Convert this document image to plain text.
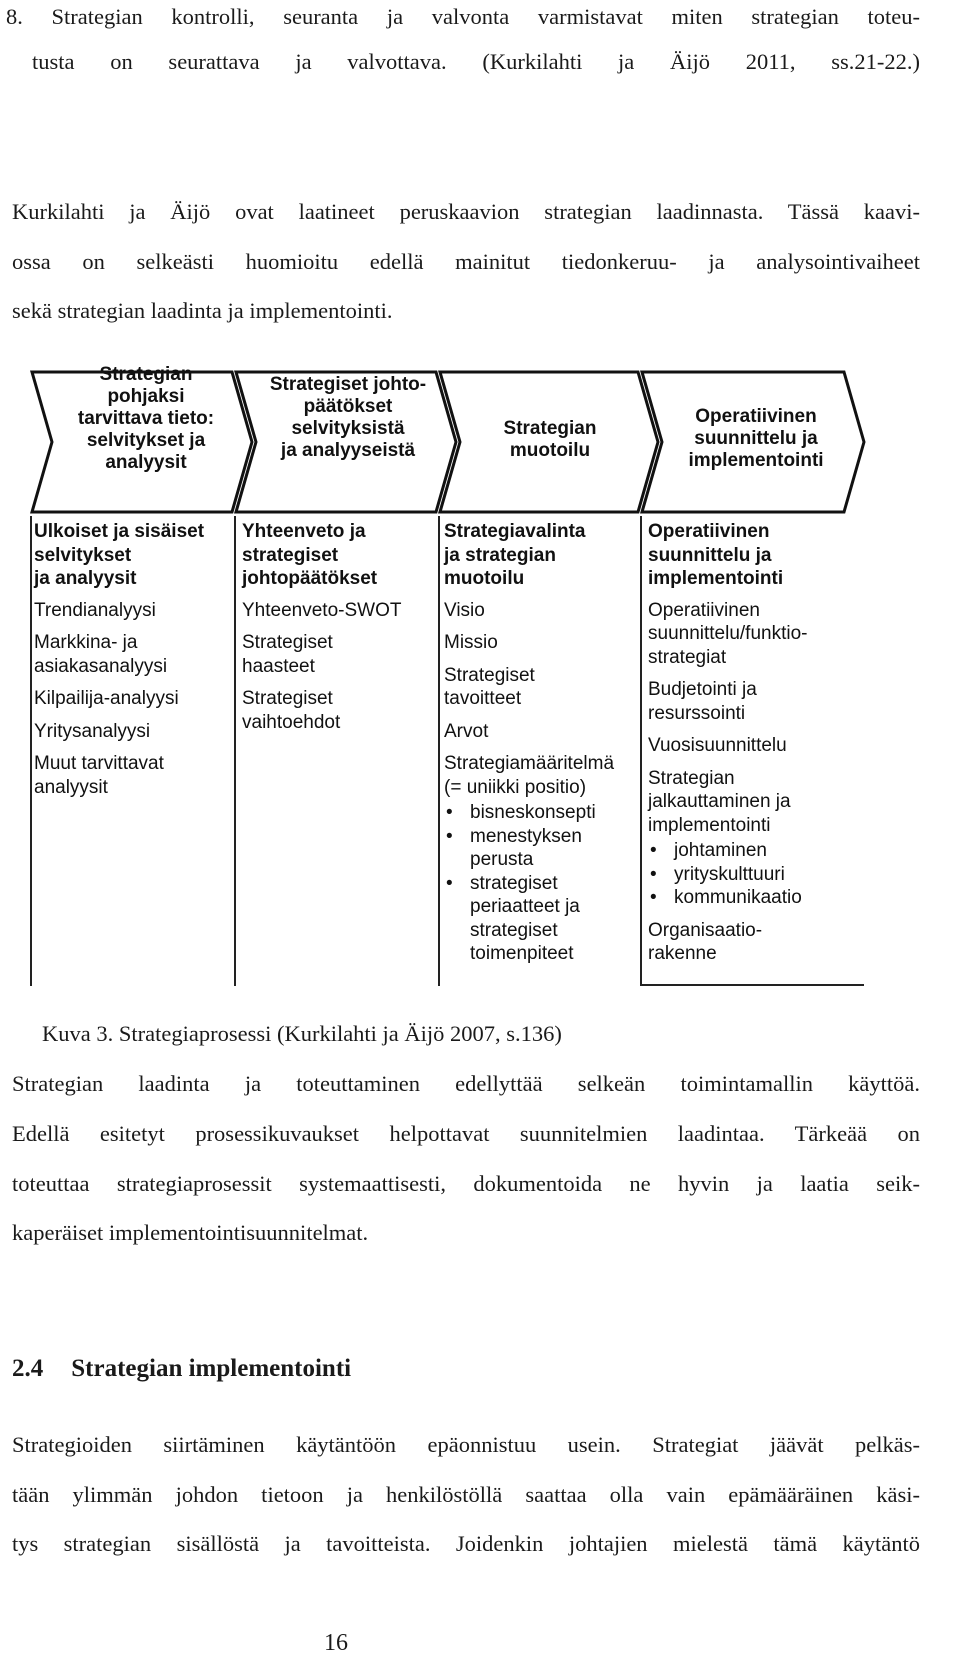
8. Strategian kontrolli, seuranta ja valvonta varmistavat miten strategian toteu-
tusta on seurattava ja valvottava. (Kurkilahti ja Äijö 2011, ss.21-22.)
Kurkilahti ja Äijö ovat laatineet peruskaavion strategian laadinnasta. Tässä kaavi-
ossa on selkeästi huomioitu edellä mainitut tiedonkeruu- ja analysointivaiheet
sekä strategian laadinta ja implementointi.
Strategian
pohjaksi
tarvittava tieto:
selvitykset ja
analyysit
Strategiset johto-
päätökset
selvityksistä
ja analyyseistä
Strategian
muotoilu
Operatiivinen
suunnittelu ja
implementointi
Ulkoiset ja sisäiset
selvitykset
ja analyysit
Trendianalyysi
Markkina- ja
asiakasanalyysi
Kilpailija-analyysi
Yritysanalyysi
Muut tarvittavat
analyysit
Yhteenveto ja
strategiset
johtopäätökset
Yhteenveto-SWOT
Strategiset
haasteet
Strategiset
vaihtoehdot
Strategiavalinta
ja strategian
muotoilu
Visio
Missio
Strategiset
tavoitteet
Arvot
Strategiamääritelmä
(= uniikki positio)
• bisneskonsepti
• menestyksen
perusta
• strategiset
periaatteet ja
strategiset
toimenpiteet
Operatiivinen
suunnittelu ja
implementointi
Operatiivinen
suunnittelu/funktio-
strategiat
Budjetointi ja
resurssointi
Vuosisuunnittelu
Strategian
jalkauttaminen ja
implementointi
• johtaminen
• yrityskulttuuri
• kommunikaatio
Organisaatio-
rakenne
Kuva 3. Strategiaprosessi (Kurkilahti ja Äijö 2007, s.136)
Strategian laadinta ja toteuttaminen edellyttää selkeän toimintamallin käyttöä.
Edellä esitetyt prosessikuvaukset helpottavat suunnitelmien laadintaa. Tärkeää on
toteuttaa strategiaprosessit systemaattisesti, dokumentoida ne hyvin ja laatia seik-
kaperäiset implementointisuunnitelmat.
2.4 Strategian implementointi
Strategioiden siirtäminen käytäntöön epäonnistuu usein. Strategiat jäävät pelkäs-
tään ylimmän johdon tietoon ja henkilöstöllä saattaa olla vain epämääräinen käsi-
tys strategian sisällöstä ja tavoitteista. Joidenkin johtajien mielestä tämä käytäntö
16
